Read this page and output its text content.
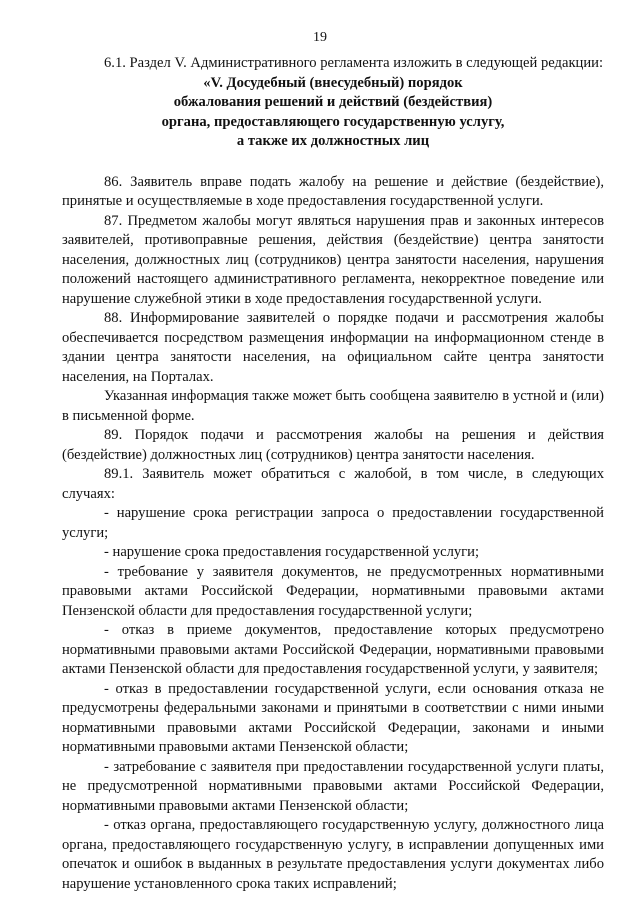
19

6.1. Раздел V. Административного регламента изложить в следующей редакции:

«V. Досудебный (внесудебный) порядок
обжалования решений и действий (бездействия)
органа, предоставляющего государственную услугу,
а также их должностных лиц

86. Заявитель вправе подать жалобу на решение и действие (бездействие), принятые и осуществляемые в ходе предоставления государственной услуги.

87. Предметом жалобы могут являться нарушения прав и законных интересов заявителей, противоправные решения, действия (бездействие) центра занятости населения, должностных лиц (сотрудников) центра занятости населения, нарушения положений настоящего административного регламента, некорректное поведение или нарушение служебной этики в ходе предоставления государственной услуги.

88. Информирование заявителей о порядке подачи и рассмотрения жалобы обеспечивается посредством размещения информации на информационном стенде в здании центра занятости населения, на официальном сайте центра занятости населения, на Порталах.

Указанная информация также может быть сообщена заявителю в устной и (или) в письменной форме.

89. Порядок подачи и рассмотрения жалобы на решения и действия (бездействие) должностных лиц (сотрудников) центра занятости населения.

89.1. Заявитель может обратиться с жалобой, в том числе, в следующих случаях:

- нарушение срока регистрации запроса о предоставлении государственной услуги;

- нарушение срока предоставления государственной услуги;

- требование у заявителя документов, не предусмотренных нормативными правовыми актами Российской Федерации, нормативными правовыми актами Пензенской области для предоставления государственной услуги;

- отказ в приеме документов, предоставление которых предусмотрено нормативными правовыми актами Российской Федерации, нормативными правовыми актами Пензенской области для предоставления государственной услуги, у заявителя;

- отказ в предоставлении государственной услуги, если основания отказа не предусмотрены федеральными законами и принятыми в соответствии с ними иными нормативными правовыми актами Российской Федерации, законами и иными нормативными правовыми актами Пензенской области;

- затребование с заявителя при предоставлении государственной услуги платы, не предусмотренной нормативными правовыми актами Российской Федерации, нормативными правовыми актами Пензенской области;

- отказ органа, предоставляющего государственную услугу, должностного лица органа, предоставляющего государственную услугу, в исправлении допущенных ими опечаток и ошибок в выданных в результате предоставления услуги документах либо нарушение установленного срока таких исправлений;
